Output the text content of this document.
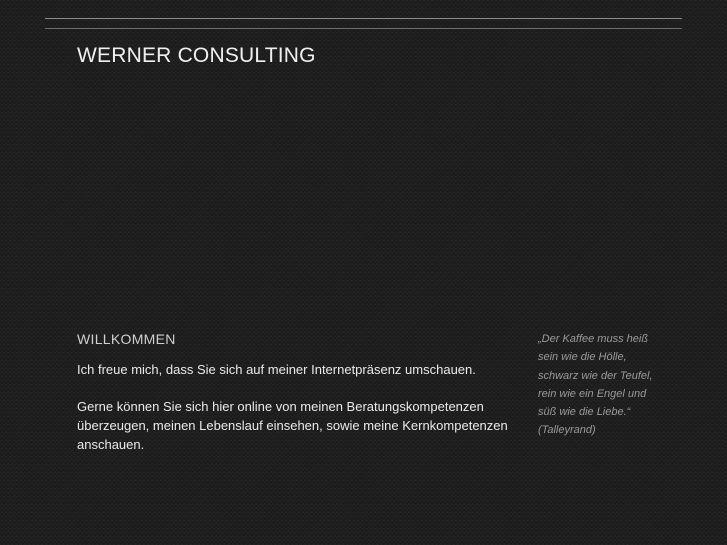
WERNER CONSULTING
WILLKOMMEN

Ich freue mich, dass Sie sich auf meiner Internetpräsenz umschauen.

Gerne können Sie sich hier online von meinen Beratungskompetenzen
überzeugen, meinen Lebenslauf einsehen, sowie meine Kernkompetenzen
anschauen.

„Der Kaffee muss heiß
sein wie die Hölle,
schwarz wie der Teufel,
rein wie ein Engel und
süß wie die Liebe.“
(Talleyrand)
